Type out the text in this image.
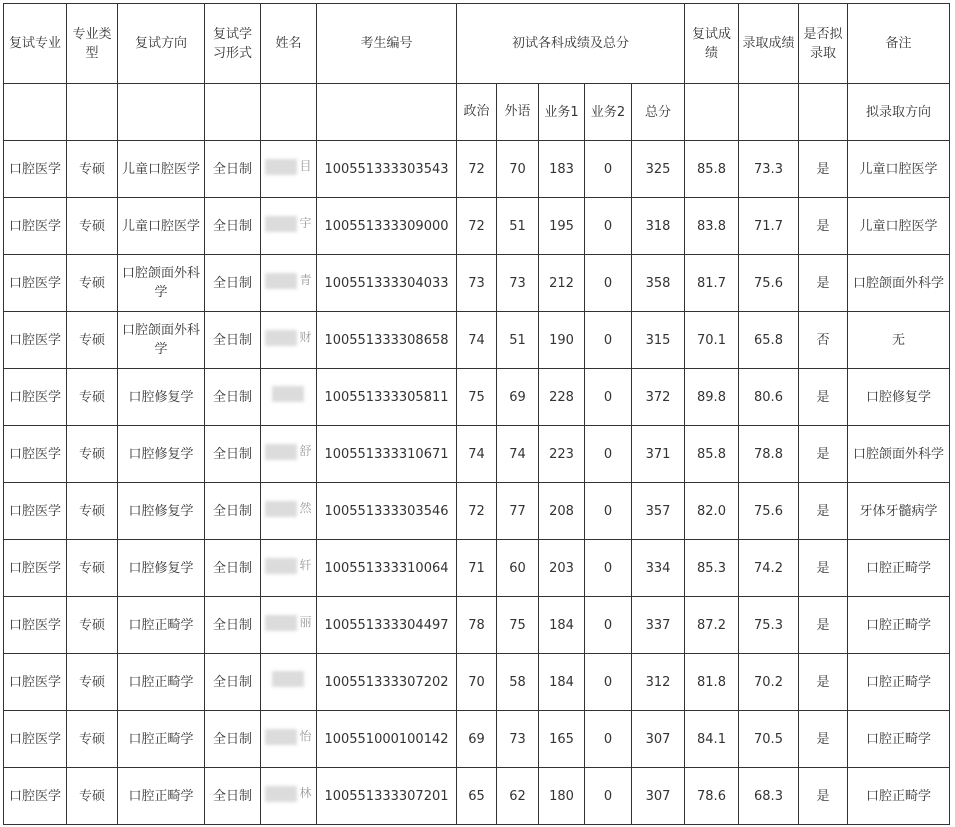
复试专业	专业类型	复试方向	复试学习形式	姓名	考生编号	初试各科成绩及总分					复试成绩	录取成绩	是否拟录取	备注
						政治	外语	业务1	业务2	总分				拟录取方向
口腔医学	专硕	儿童口腔医学	全日制	目	100551333303543	72	70	183	0	325	85.8	73.3	是	儿童口腔医学
口腔医学	专硕	儿童口腔医学	全日制	宇	100551333309000	72	51	195	0	318	83.8	71.7	是	儿童口腔医学
口腔医学	专硕	口腔颌面外科学	全日制	青	100551333304033	73	73	212	0	358	81.7	75.6	是	口腔颌面外科学
口腔医学	专硕	口腔颌面外科学	全日制	财	100551333308658	74	51	190	0	315	70.1	65.8	否	无
口腔医学	专硕	口腔修复学	全日制		100551333305811	75	69	228	0	372	89.8	80.6	是	口腔修复学
口腔医学	专硕	口腔修复学	全日制	舒	100551333310671	74	74	223	0	371	85.8	78.8	是	口腔颌面外科学
口腔医学	专硕	口腔修复学	全日制	然	100551333303546	72	77	208	0	357	82.0	75.6	是	牙体牙髓病学
口腔医学	专硕	口腔修复学	全日制	轩	100551333310064	71	60	203	0	334	85.3	74.2	是	口腔正畸学
口腔医学	专硕	口腔正畸学	全日制	丽	100551333304497	78	75	184	0	337	87.2	75.3	是	口腔正畸学
口腔医学	专硕	口腔正畸学	全日制		100551333307202	70	58	184	0	312	81.8	70.2	是	口腔正畸学
口腔医学	专硕	口腔正畸学	全日制	怡	100551000100142	69	73	165	0	307	84.1	70.5	是	口腔正畸学
口腔医学	专硕	口腔正畸学	全日制	林	100551333307201	65	62	180	0	307	78.6	68.3	是	口腔正畸学
